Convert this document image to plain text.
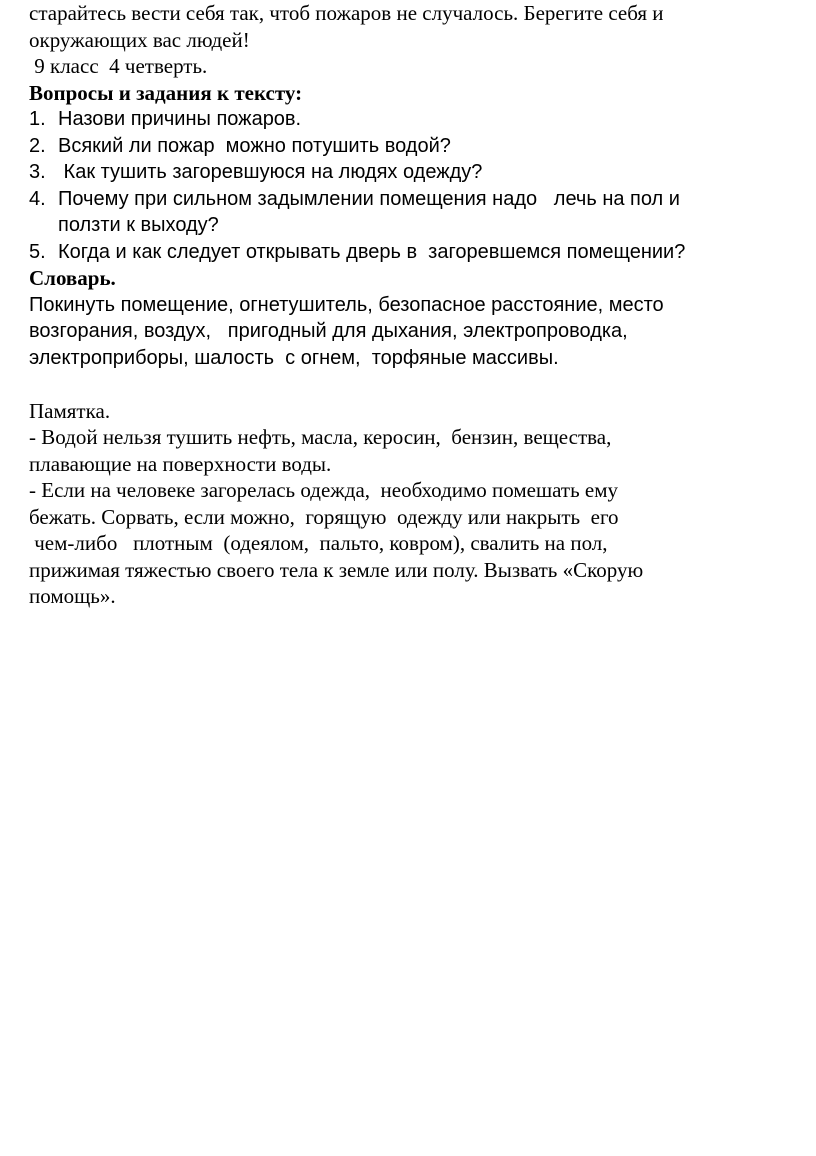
старайтесь вести себя так, чтоб пожаров не случалось. Берегите себя и
окружающих вас людей!
9 класс  4 четверть.
Вопросы и задания к тексту:
1. Назови причины пожаров.
2. Всякий ли пожар  можно потушить водой?
3. Как тушить загоревшуюся на людях одежду?
4. Почему при сильном задымлении помещения надо   лечь на пол и
ползти к выходу?
5. Когда и как следует открывать дверь в  загоревшемся помещении?
Словарь.
Покинуть помещение, огнетушитель, безопасное расстояние, место
возгорания, воздух,   пригодный для дыхания, электропроводка,
электроприборы, шалость  с огнем,  торфяные массивы.
Памятка.
- Водой нельзя тушить нефть, масла, керосин,  бензин, вещества,
плавающие на поверхности воды.
- Если на человеке загорелась одежда,  необходимо помешать ему
бежать. Сорвать, если можно,  горящую  одежду или накрыть  его
чем-либо   плотным  (одеялом,  пальто, ковром), свалить на пол,
прижимая тяжестью своего тела к земле или полу. Вызвать «Скорую
помощь».
